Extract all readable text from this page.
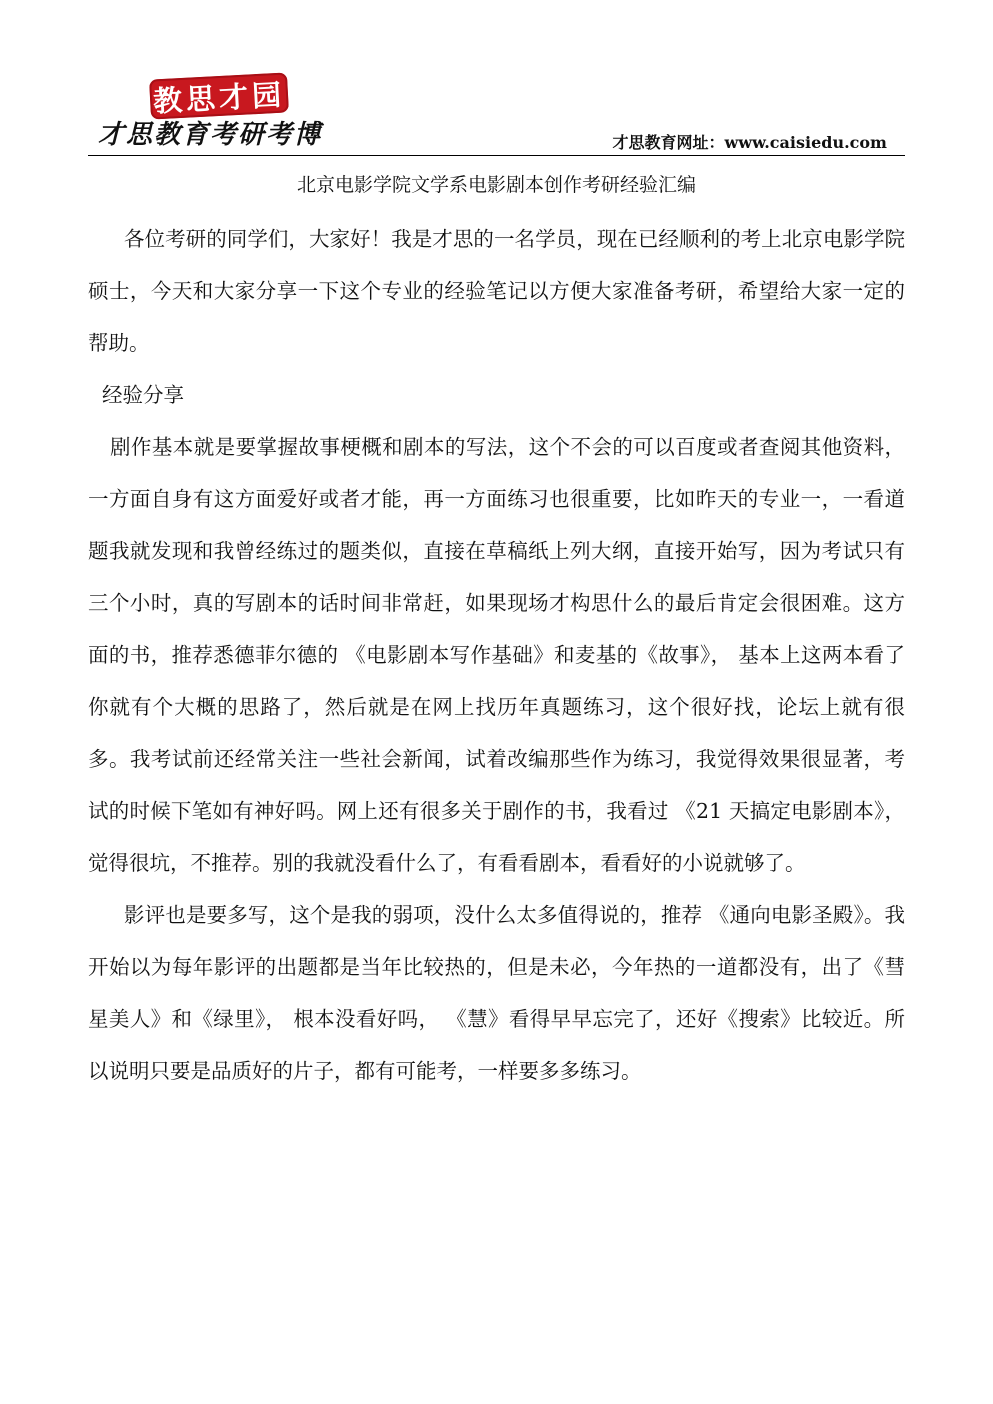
教思才园
才思教育考研考博	才思教育网址：www.caisiedu.com
北京电影学院文学系电影剧本创作考研经验汇编

各位考研的同学们，大家好！我是才思的一名学员，现在已经顺利的考上北京电影学院硕士，今天和大家分享一下这个专业的经验笔记以方便大家准备考研，希望给大家一定的帮助。

经验分享

剧作基本就是要掌握故事梗概和剧本的写法，这个不会的可以百度或者查阅其他资料，一方面自身有这方面爱好或者才能，再一方面练习也很重要，比如昨天的专业一，一看道题我就发现和我曾经练过的题类似，直接在草稿纸上列大纲，直接开始写，因为考试只有三个小时，真的写剧本的话时间非常赶，如果现场才构思什么的最后肯定会很困难。这方面的书，推荐悉德菲尔德的 《电影剧本写作基础》和麦基的《故事》， 基本上这两本看了你就有个大概的思路了，然后就是在网上找历年真题练习，这个很好找，论坛上就有很多。我考试前还经常关注一些社会新闻，试着改编那些作为练习，我觉得效果很显著，考试的时候下笔如有神好吗。网上还有很多关于剧作的书，我看过 《21 天搞定电影剧本》，觉得很坑，不推荐。别的我就没看什么了，有看看剧本，看看好的小说就够了。

影评也是要多写，这个是我的弱项，没什么太多值得说的，推荐 《通向电影圣殿》。我开始以为每年影评的出题都是当年比较热的，但是未必，今年热的一道都没有，出了《彗星美人》和《绿里》， 根本没看好吗， 《慧》看得早早忘完了，还好《搜索》比较近。所以说明只要是品质好的片子，都有可能考，一样要多多练习。
